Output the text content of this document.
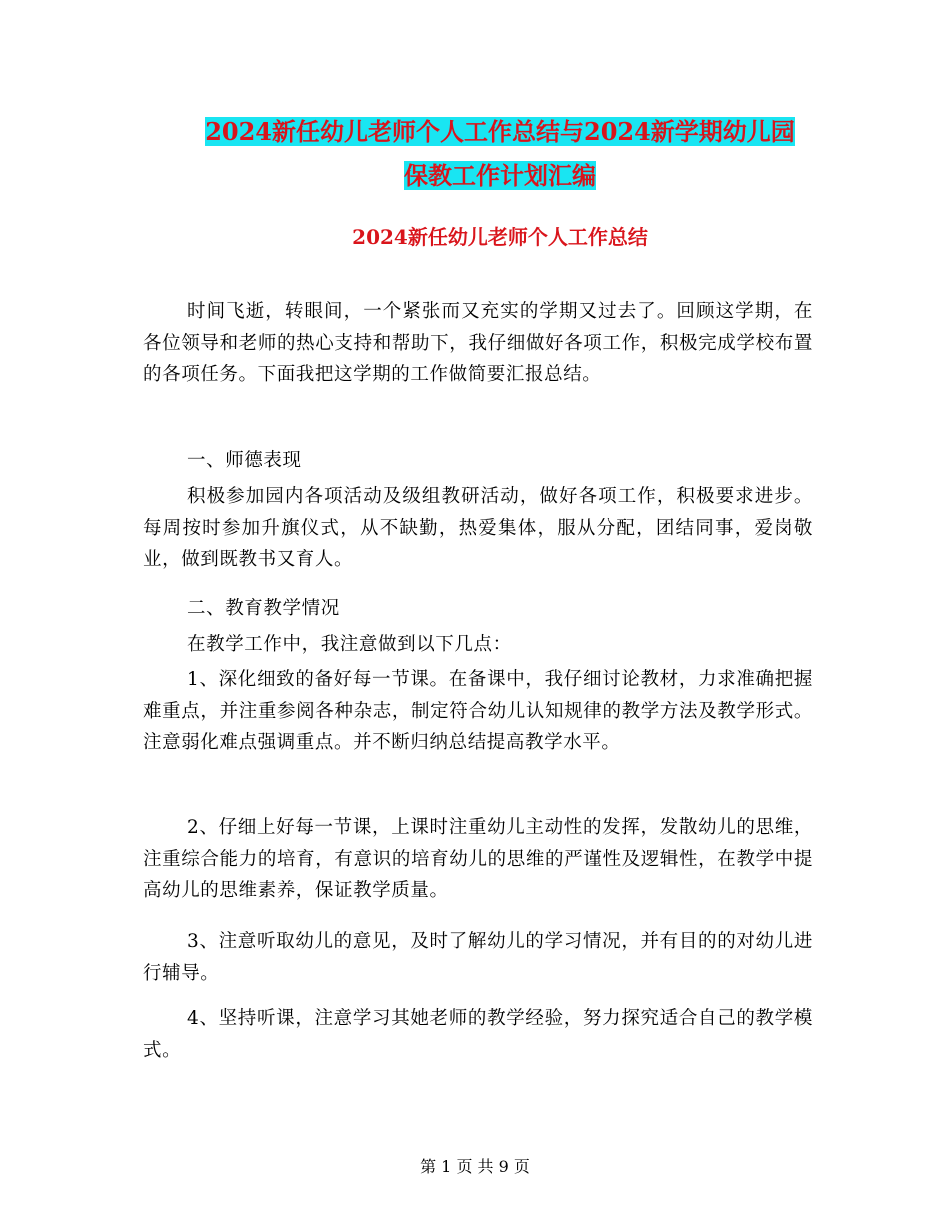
2024新任幼儿老师个人工作总结与2024新学期幼儿园
保教工作计划汇编
2024新任幼儿老师个人工作总结
时间飞逝，转眼间，一个紧张而又充实的学期又过去了。回顾这学期，在各位领导和老师的热心支持和帮助下，我仔细做好各项工作，积极完成学校布置的各项任务。下面我把这学期的工作做简要汇报总结。
一、师德表现
积极参加园内各项活动及级组教研活动，做好各项工作，积极要求进步。每周按时参加升旗仪式，从不缺勤，热爱集体，服从分配，团结同事，爱岗敬业，做到既教书又育人。
二、教育教学情况
在教学工作中，我注意做到以下几点：
1、深化细致的备好每一节课。在备课中，我仔细讨论教材，力求准确把握难重点，并注重参阅各种杂志，制定符合幼儿认知规律的教学方法及教学形式。注意弱化难点强调重点。并不断归纳总结提高教学水平。
2、仔细上好每一节课，上课时注重幼儿主动性的发挥，发散幼儿的思维，注重综合能力的培育，有意识的培育幼儿的思维的严谨性及逻辑性，在教学中提高幼儿的思维素养，保证教学质量。
3、注意听取幼儿的意见，及时了解幼儿的学习情况，并有目的的对幼儿进行辅导。
4、坚持听课，注意学习其她老师的教学经验，努力探究适合自己的教学模式。
第 1 页 共 9 页
